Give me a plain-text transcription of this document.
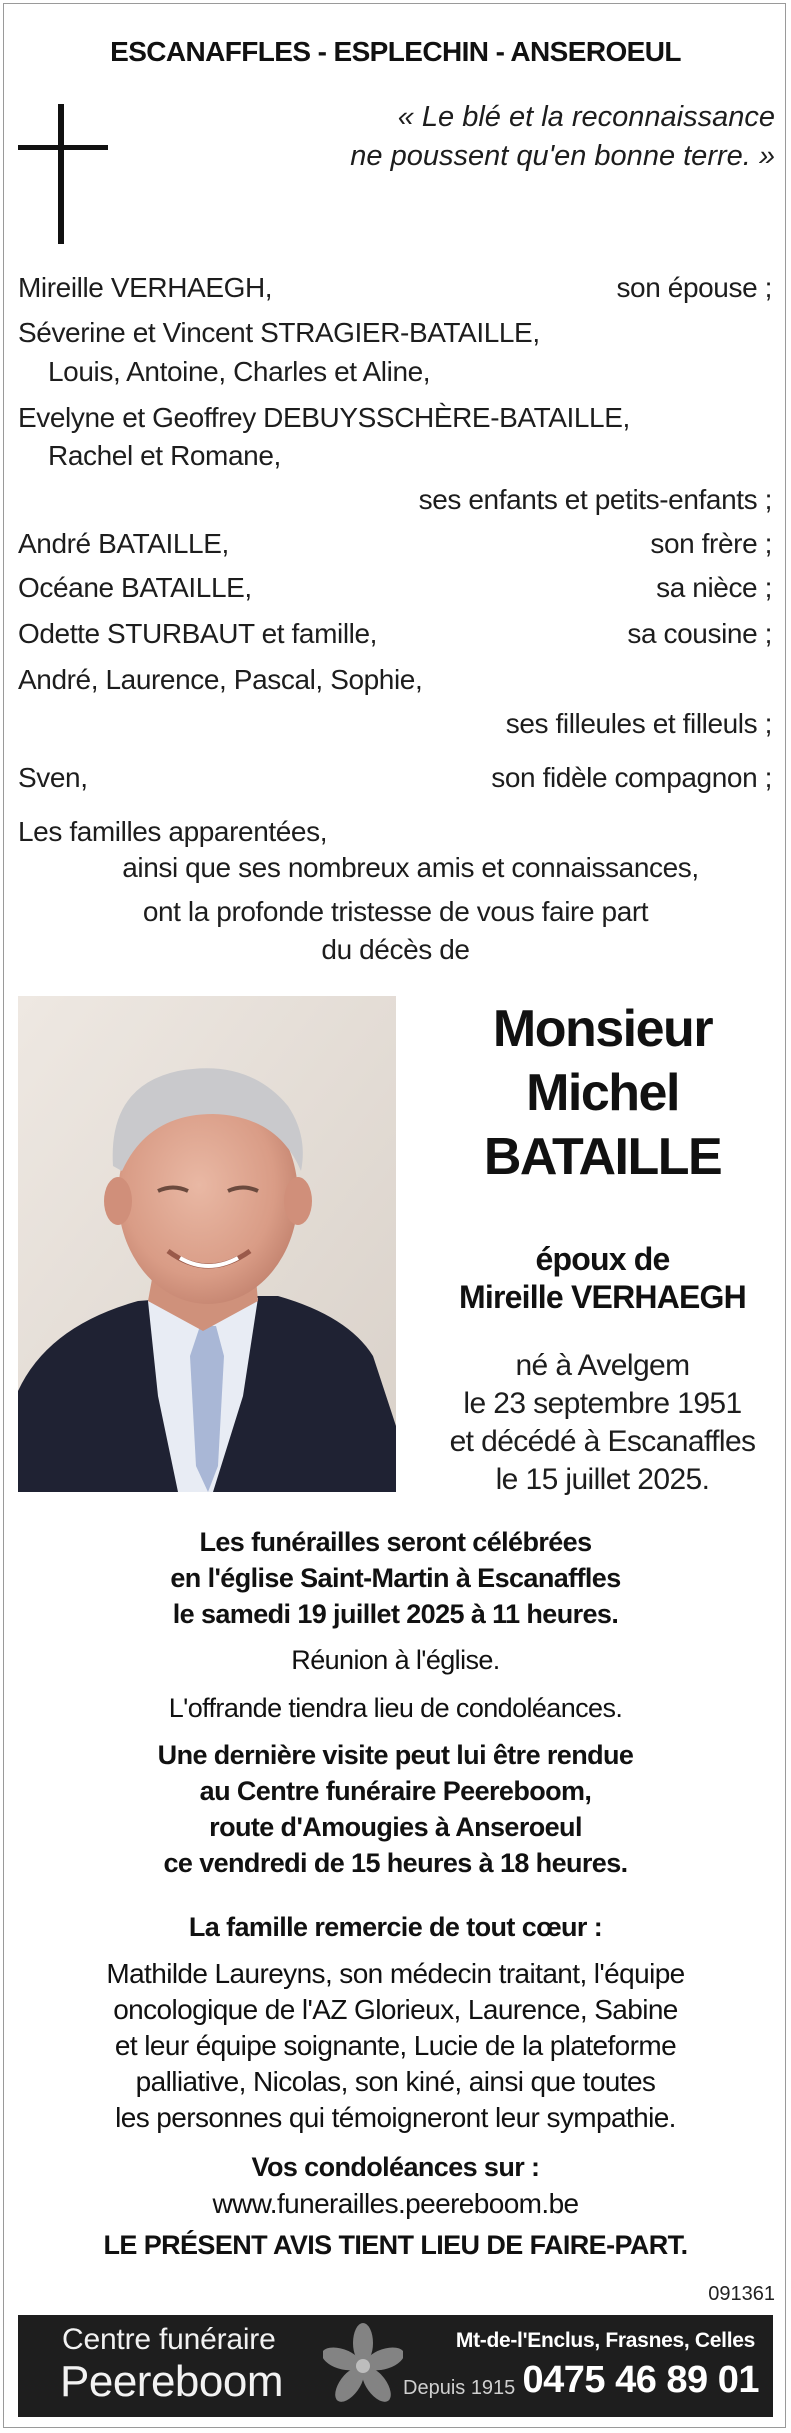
ESCANAFFLES - ESPLECHIN - ANSEROEUL
« Le blé et la reconnaissance
ne poussent qu'en bonne terre. »
Mireille VERHAEGH,	son épouse ;
Séverine et Vincent STRAGIER-BATAILLE,
Louis, Antoine, Charles et Aline,
Evelyne et Geoffrey DEBUYSSCHÈRE-BATAILLE,
Rachel et Romane,
ses enfants et petits-enfants ;
André BATAILLE,	son frère ;
Océane BATAILLE,	sa nièce ;
Odette STURBAUT et famille,	sa cousine ;
André, Laurence, Pascal, Sophie,
ses filleules et filleuls ;
Sven,	son fidèle compagnon ;
Les familles apparentées,
ainsi que ses nombreux amis et connaissances,
ont la profonde tristesse de vous faire part
du décès de
Monsieur
Michel
BATAILLE
époux de
Mireille VERHAEGH
né à Avelgem
le 23 septembre 1951
et décédé à Escanaffles
le 15 juillet 2025.
Les funérailles seront célébrées
en l'église Saint-Martin à Escanaffles
le samedi 19 juillet 2025 à 11 heures.
Réunion à l'église.
L'offrande tiendra lieu de condoléances.
Une dernière visite peut lui être rendue
au Centre funéraire Peereboom,
route d'Amougies à Anseroeul
ce vendredi de 15 heures à 18 heures.
La famille remercie de tout cœur :
Mathilde Laureyns, son médecin traitant, l'équipe
oncologique de l'AZ Glorieux, Laurence, Sabine
et leur équipe soignante, Lucie de la plateforme
palliative, Nicolas, son kiné, ainsi que toutes
les personnes qui témoigneront leur sympathie.
Vos condoléances sur :
www.funerailles.peereboom.be
LE PRÉSENT AVIS TIENT LIEU DE FAIRE-PART.
091361
Centre funéraire
Peereboom	Depuis 1915
Mt-de-l'Enclus, Frasnes, Celles
0475 46 89 01
